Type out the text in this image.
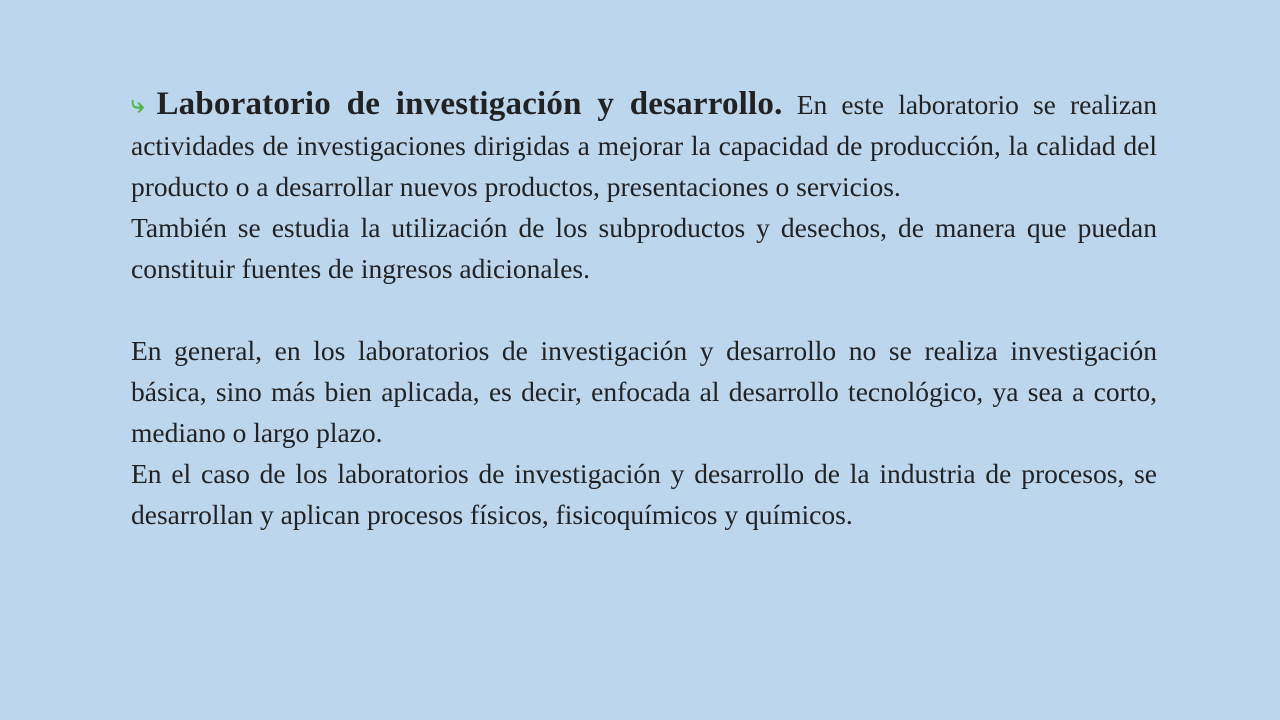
⤷ Laboratorio de investigación y desarrollo. En este laboratorio se realizan actividades de investigaciones dirigidas a mejorar la capacidad de producción, la calidad del producto o a desarrollar nuevos productos, presentaciones o servicios.

También se estudia la utilización de los subproductos y desechos, de manera que puedan constituir fuentes de ingresos adicionales.

En general, en los laboratorios de investigación y desarrollo no se realiza investigación básica, sino más bien aplicada, es decir, enfocada al desarrollo tecnológico, ya sea a corto, mediano o largo plazo.

En el caso de los laboratorios de investigación y desarrollo de la industria de procesos, se desarrollan y aplican procesos físicos, fisicoquímicos y químicos.
